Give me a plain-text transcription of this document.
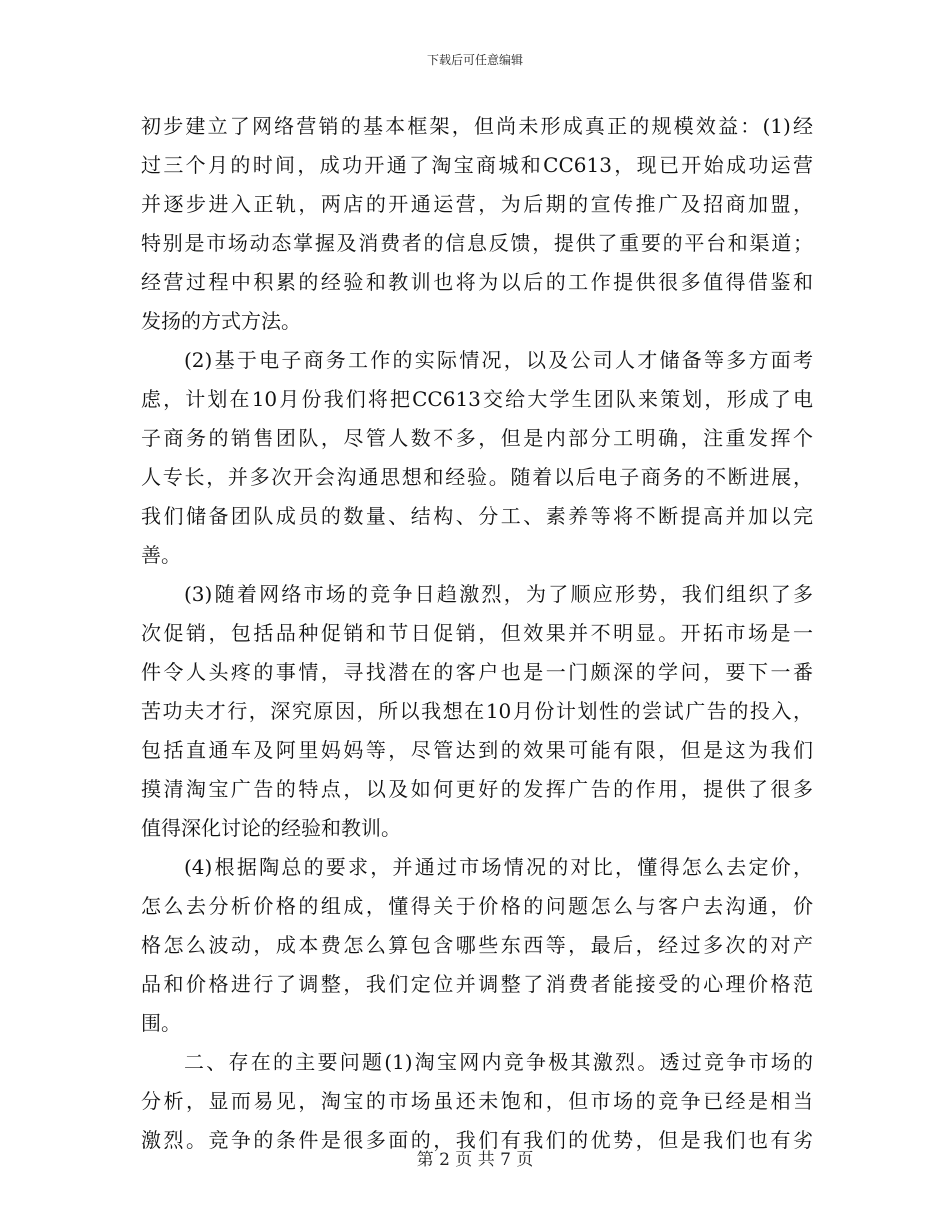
下载后可任意编辑
初步建立了网络营销的基本框架，但尚未形成真正的规模效益：(1)经
过三个月的时间，成功开通了淘宝商城和CC613，现已开始成功运营
并逐步进入正轨，两店的开通运营，为后期的宣传推广及招商加盟，
特别是市场动态掌握及消费者的信息反馈，提供了重要的平台和渠道；
经营过程中积累的经验和教训也将为以后的工作提供很多值得借鉴和
发扬的方式方法。
(2)基于电子商务工作的实际情况，以及公司人才储备等多方面考
虑，计划在10月份我们将把CC613交给大学生团队来策划，形成了电
子商务的销售团队，尽管人数不多，但是内部分工明确，注重发挥个
人专长，并多次开会沟通思想和经验。随着以后电子商务的不断进展，
我们储备团队成员的数量、结构、分工、素养等将不断提高并加以完
善。
(3)随着网络市场的竞争日趋激烈，为了顺应形势，我们组织了多
次促销，包括品种促销和节日促销，但效果并不明显。开拓市场是一
件令人头疼的事情，寻找潜在的客户也是一门颇深的学问，要下一番
苦功夫才行，深究原因，所以我想在10月份计划性的尝试广告的投入，
包括直通车及阿里妈妈等，尽管达到的效果可能有限，但是这为我们
摸清淘宝广告的特点，以及如何更好的发挥广告的作用，提供了很多
值得深化讨论的经验和教训。
(4)根据陶总的要求，并通过市场情况的对比，懂得怎么去定价，
怎么去分析价格的组成，懂得关于价格的问题怎么与客户去沟通，价
格怎么波动，成本费怎么算包含哪些东西等，最后，经过多次的对产
品和价格进行了调整，我们定位并调整了消费者能接受的心理价格范
围。
二、存在的主要问题(1)淘宝网内竞争极其激烈。透过竞争市场的
分析，显而易见，淘宝的市场虽还未饱和，但市场的竞争已经是相当
激烈。竞争的条件是很多面的，我们有我们的优势，但是我们也有劣
第 2 页 共 7 页
